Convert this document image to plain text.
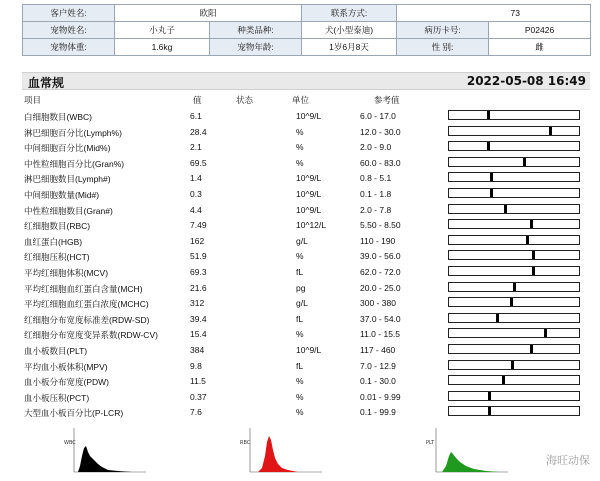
客户姓名:	欧阳		联系方式:	73	
宠物姓名:	小丸子	种类品种:	犬(小型泰迪)	病历卡号:	P02426
宠物体重:	1.6kg	宠物年龄:	1岁6月8天	性 别:	雌
血常规	2022-05-08 16:49
项目	值	状态	单位	参考值
白细胞数目(WBC)	6.1	10^9/L	6.0 - 17.0
淋巴细胞百分比(Lymph%)	28.4	%	12.0 - 30.0
中间细胞百分比(Mid%)	2.1	%	2.0 - 9.0
中性粒细胞百分比(Gran%)	69.5	%	60.0 - 83.0
淋巴细胞数目(Lymph#)	1.4	10^9/L	0.8 - 5.1
中间细胞数量(Mid#)	0.3	10^9/L	0.1 - 1.8
中性粒细胞数目(Gran#)	4.4	10^9/L	2.0 - 7.8
红细胞数目(RBC)	7.49	10^12/L	5.50 - 8.50
血红蛋白(HGB)	162	g/L	110 - 190
红细胞压积(HCT)	51.9	%	39.0 - 56.0
平均红细胞体积(MCV)	69.3	fL	62.0 - 72.0
平均红细胞血红蛋白含量(MCH)	21.6	pg	20.0 - 25.0
平均红细胞血红蛋白浓度(MCHC)	312	g/L	300 - 380
红细胞分布宽度标准差(RDW-SD)	39.4	fL	37.0 - 54.0
红细胞分布宽度变异系数(RDW-CV)	15.4	%	11.0 - 15.5
血小板数目(PLT)	384	10^9/L	117 - 460
平均血小板体积(MPV)	9.8	fL	7.0 - 12.9
血小板分布宽度(PDW)	11.5	%	0.1 - 30.0
血小板压积(PCT)	0.37	%	0.01 - 9.99
大型血小板百分比(P-LCR)	7.6	%	0.1 - 99.9
WBC	RBC	PLT
海旺动保
